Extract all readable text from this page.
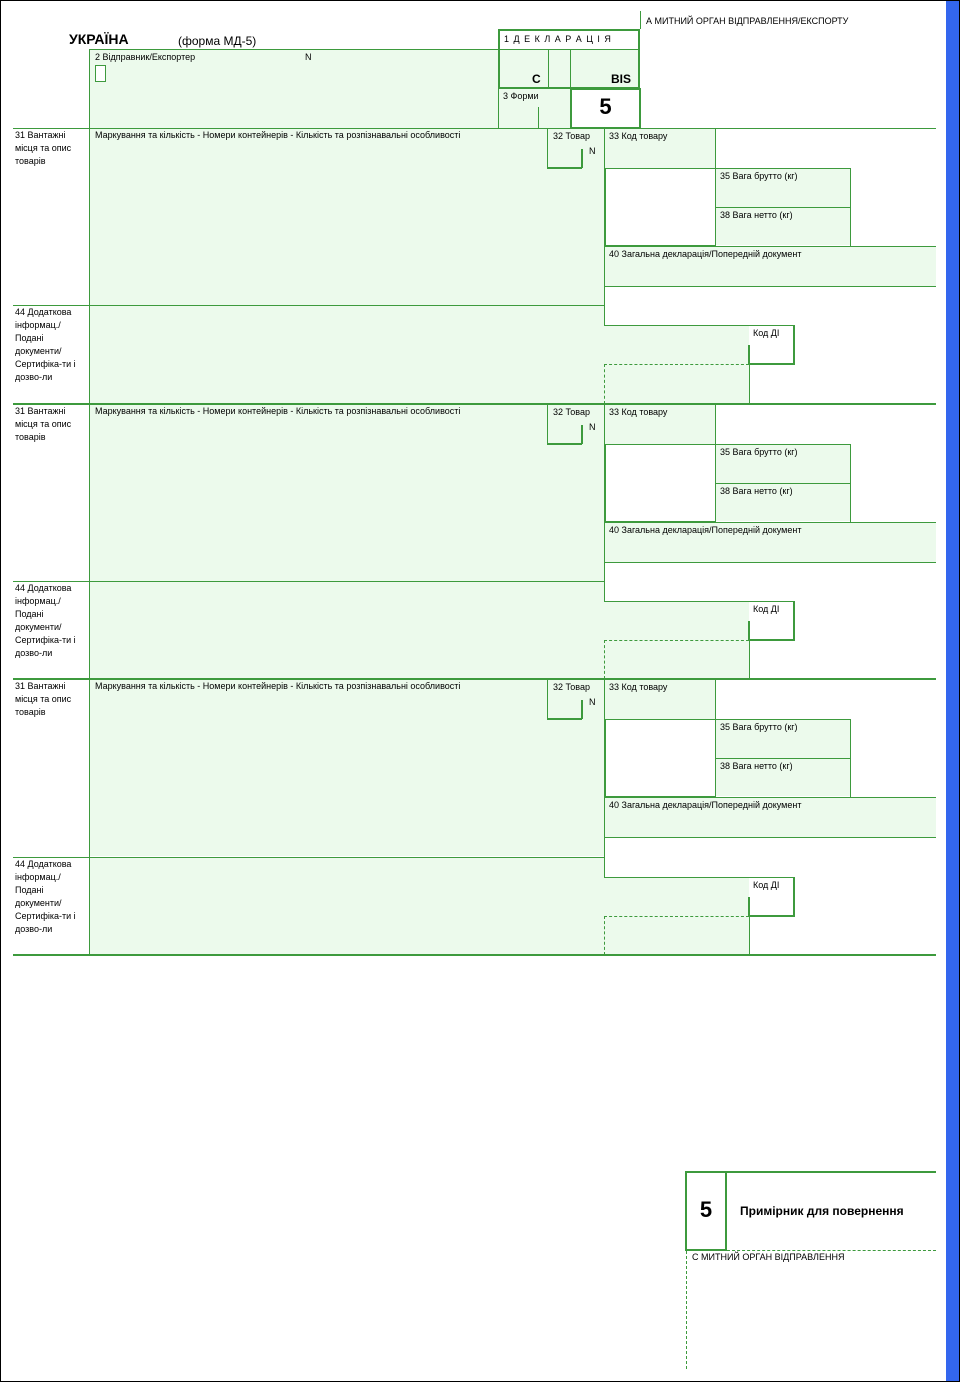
УКРАЇНА	(форма МД-5)
2 Відправник/Експортер	N
1 Д Е К Л А Р А Ц І Я
С	BIS
А МИТНИЙ ОРГАН ВІДПРАВЛЕННЯ/ЕКСПОРТУ
3 Форми	5
31 Вантажні місця та опис товарів
Маркування та кількість - Номери контейнерів - Кількість та розпізнавальні особливості	32 Товар
N
33 Код товару
35 Вага брутто (кг)
38 Вага нетто (кг)
40 Загальна декларація/Попередній документ
44 Додаткова інформац./ Подані документи/ Сертифіка-ти і дозво-ли
Код ДІ
31 Вантажні місця та опис товарів
Маркування та кількість - Номери контейнерів - Кількість та розпізнавальні особливості	32 Товар
N
33 Код товару
35 Вага брутто (кг)
38 Вага нетто (кг)
40 Загальна декларація/Попередній документ
44 Додаткова інформац./ Подані документи/ Сертифіка-ти і дозво-ли
Код ДІ
31 Вантажні місця та опис товарів
Маркування та кількість - Номери контейнерів - Кількість та розпізнавальні особливості	32 Товар
N
33 Код товару
35 Вага брутто (кг)
38 Вага нетто (кг)
40 Загальна декларація/Попередній документ
44 Додаткова інформац./ Подані документи/ Сертифіка-ти і дозво-ли
Код ДІ
5	Примірник для повернення
С МИТНИЙ ОРГАН ВІДПРАВЛЕННЯ
